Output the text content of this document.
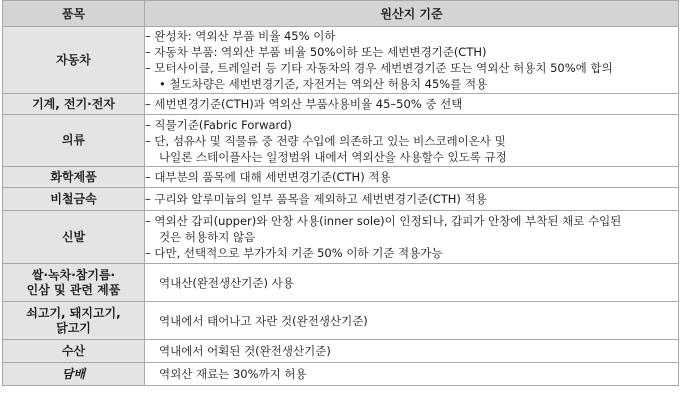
품목	원산지 기준
자동차	– 완성차: 역외산 부품 비율 45% 이하
– 자동차 부품: 역외산 부품 비율 50%이하 또는 세번변경기준(CTH)
– 모터사이클, 트레일러 등 기타 자동차의 경우 세번변경기준 또는 역외산 허용치 50%에 합의
• 철도차량은 세번변경기준, 자전거는 역외산 허용치 45%를 적용

기계, 전기·전자	– 세번변경기준(CTH)과 역외산 부품사용비율 45–50% 중 선택

의류	– 직물기준(Fabric Forward)
– 단, 섬유사 및 직물류 중 전량 수입에 의존하고 있는 비스코레이온사 및
나일론 스테이플사는 일정범위 내에서 역외산을 사용할수 있도록 규정

화학제품	– 대부분의 품목에 대해 세번변경기준(CTH) 적용

비철금속	– 구리와 알루미늄의 일부 품목을 제외하고 세번변경기준(CTH) 적용

신발	– 역외산 갑피(upper)와 안창 사용(inner sole)이 인정되나, 갑피가 안창에 부착된 채로 수입된
것은 허용하지 않음
– 다만, 선택적으로 부가가치 기준 50% 이하 기준 적용가능

쌀·녹차·참기름·
인삼 및 관련 제품	역내산(완전생산기준) 사용

쇠고기, 돼지고기,
닭고기	역내에서 태어나고 자란 것(완전생산기준)

수산	역내에서 어획된 것(완전생산기준)

담배	역외산 재료는 30%까지 허용
